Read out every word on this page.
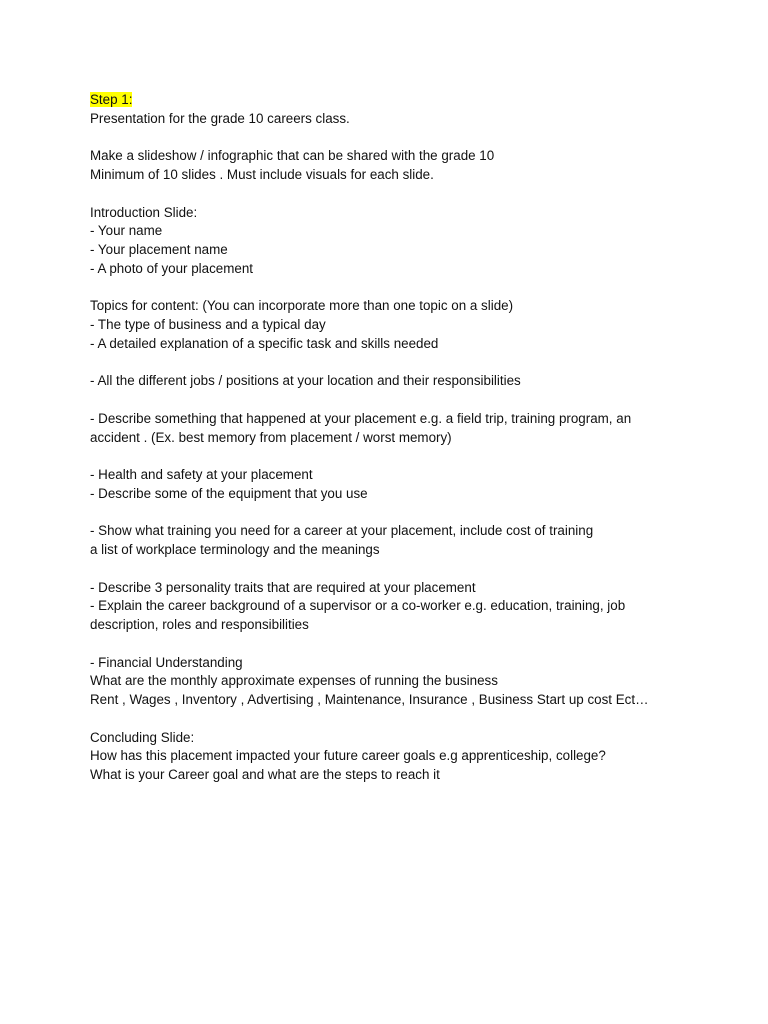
Step 1:

Presentation for the grade 10 careers class.

Make a slideshow / infographic that can be shared with the grade 10

Minimum of 10 slides . Must include visuals for each slide.

Introduction Slide:

- Your name

- Your placement name

- A photo of your placement

Topics for content: (You can incorporate more than one topic on a slide)

- The type of business and a typical day

- A detailed explanation of a specific task and skills needed

- All the different jobs / positions at your location and their responsibilities

- Describe something that happened at your placement e.g. a field trip, training program, an

accident . (Ex. best memory from placement / worst memory)

- Health and safety at your placement

- Describe some of the equipment that you use

- Show what training you need for a career at your placement, include cost of training

a list of workplace terminology and the meanings

- Describe 3 personality traits that are required at your placement

- Explain the career background of a supervisor or a co-worker e.g. education, training, job

description, roles and responsibilities

- Financial Understanding

What are the monthly approximate expenses of running the business

Rent , Wages , Inventory , Advertising , Maintenance, Insurance , Business Start up cost Ect…

Concluding Slide:

How has this placement impacted your future career goals e.g apprenticeship, college?

What is your Career goal and what are the steps to reach it
